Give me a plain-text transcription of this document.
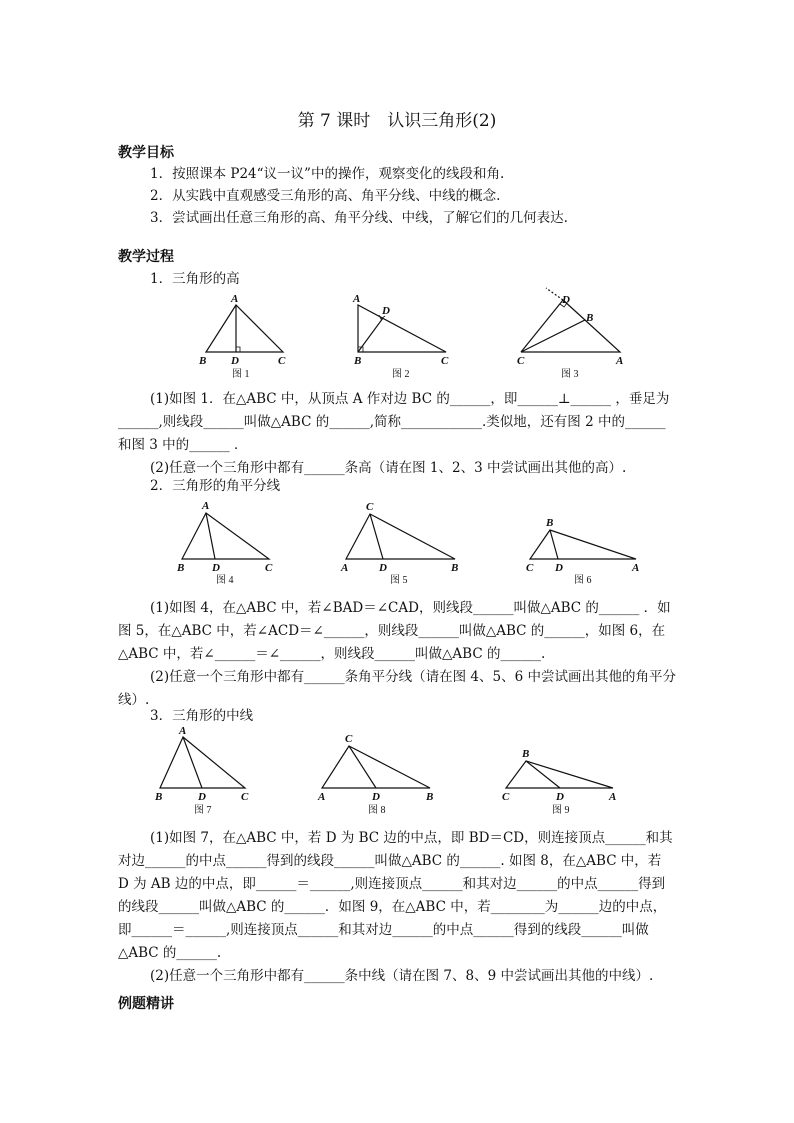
第 7 课时　认识三角形(2)
教学目标
1．按照课本 P24“议一议”中的操作，观察变化的线段和角.
2．从实践中直观感受三角形的高、角平分线、中线的概念.
3．尝试画出任意三角形的高、角平分线、中线，了解它们的几何表达.
教学过程
1．三角形的高

(1)如图 1．在△ABC 中，从顶点 A 作对边 BC 的______，即______⊥______ ，垂足为______,则线段______叫做△ABC 的______,简称____________.类似地，还有图 2 中的______和图 3 中的______ ．

(2)任意一个三角形中都有______条高（请在图 1、2、3 中尝试画出其他的高）.

2．三角形的角平分线

(1)如图 4，在△ABC 中，若∠BAD＝∠CAD，则线段______叫做△ABC 的______ ．如图 5，在△ABC 中，若∠ACD＝∠______，则线段______叫做△ABC 的______，如图 6，在△ABC 中，若∠______＝∠______，则线段______叫做△ABC 的______.

(2)任意一个三角形中都有______条角平分线（请在图 4、5、6 中尝试画出其他的角平分线）.

3．三角形的中线

(1)如图 7，在△ABC 中，若 D 为 BC 边的中点，即 BD＝CD，则连接顶点______和其对边______的中点______得到的线段______叫做△ABC 的______. 如图 8，在△ABC 中，若 D 为 AB 边的中点，即______＝______,则连接顶点______和其对边______的中点______得到的线段______叫做△ABC 的______．如图 9，在△ABC 中，若________为______边的中点，即______＝______,则连接顶点______和其对边______的中点______得到的线段______叫做△ABC 的______.

(2)任意一个三角形中都有______条中线（请在图 7、8、9 中尝试画出其他的中线）.

例题精讲
A
B D	C
A
D
B	C
D
B
C	A
A
B	D	C
C
A	D	B
B
C D	A
A
B	D	C
C
A	D	B
B
C	D	A
图 1	图 2	图 3
图 4	图 5	图 6
图 7	图 8	图 9
